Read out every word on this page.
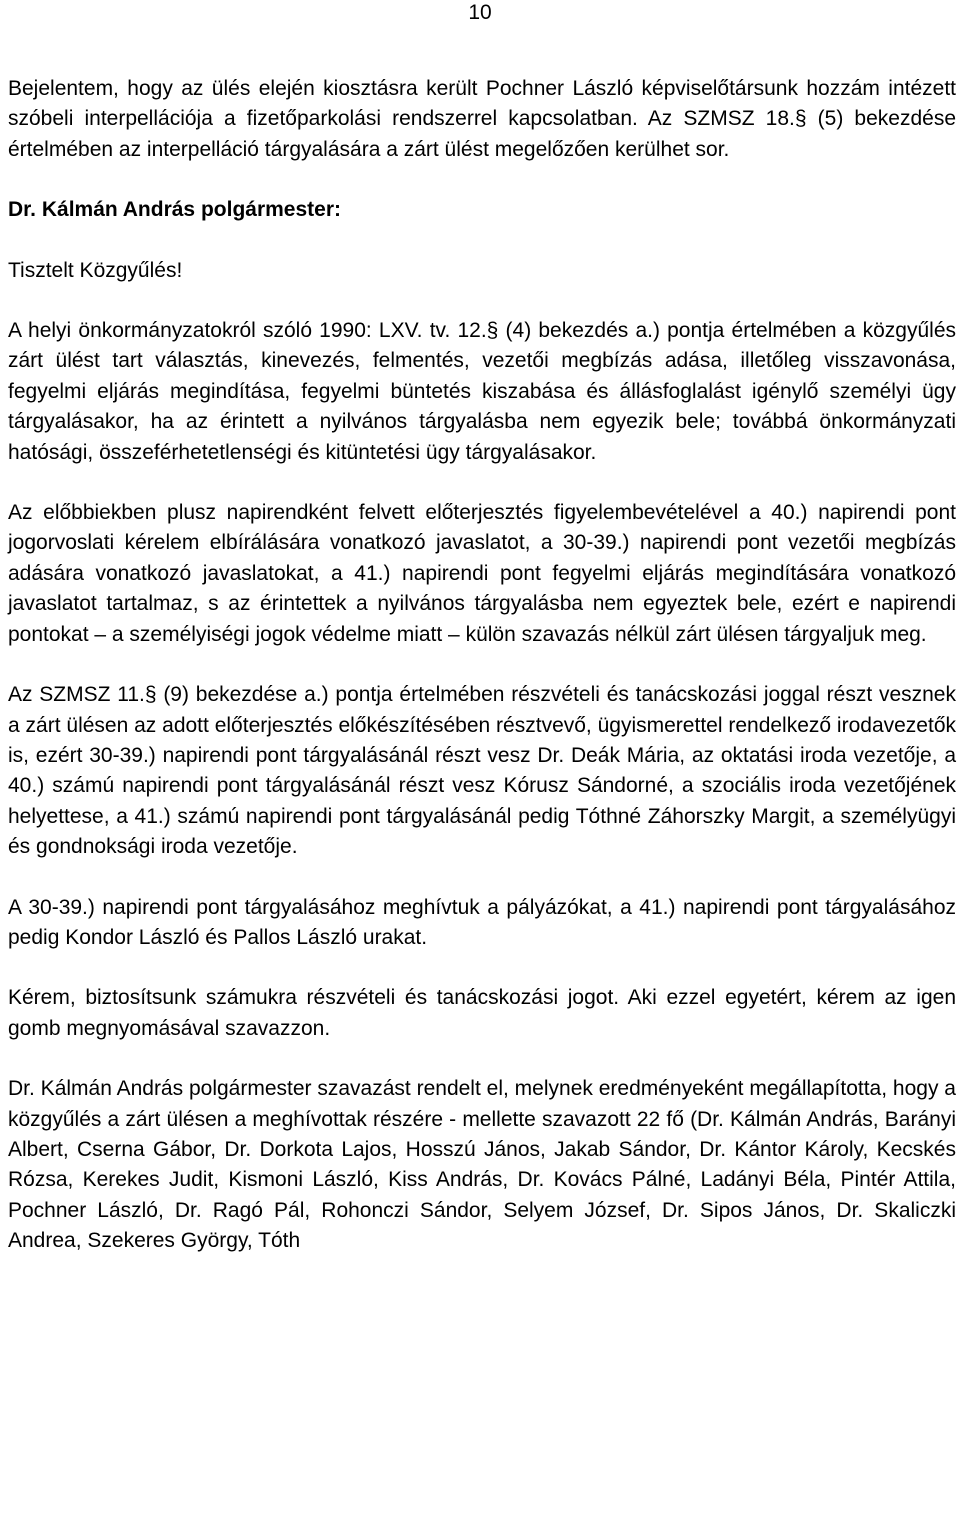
10

Bejelentem, hogy az ülés elején kiosztásra került Pochner László képviselőtársunk hozzám intézett szóbeli interpellációja a fizetőparkolási rendszerrel kapcsolatban. Az SZMSZ 18.§ (5) bekezdése értelmében az interpelláció tárgyalására a zárt ülést megelőzően kerülhet sor.

Dr. Kálmán András polgármester:

Tisztelt Közgyűlés!

A helyi önkormányzatokról szóló 1990: LXV. tv. 12.§ (4) bekezdés a.) pontja értelmében a közgyűlés zárt ülést tart választás, kinevezés, felmentés, vezetői megbízás adása, illetőleg visszavonása, fegyelmi eljárás megindítása, fegyelmi büntetés kiszabása és állásfoglalást igénylő személyi ügy tárgyalásakor, ha az érintett a nyilvános tárgyalásba nem egyezik bele; továbbá önkormányzati hatósági, összeférhetetlenségi és kitüntetési ügy tárgyalásakor.

Az előbbiekben plusz napirendként felvett előterjesztés figyelembevételével a 40.) napirendi pont jogorvoslati kérelem elbírálására vonatkozó javaslatot, a 30-39.) napirendi pont vezetői megbízás adására vonatkozó javaslatokat, a 41.) napirendi pont fegyelmi eljárás megindítására vonatkozó javaslatot tartalmaz, s az érintettek a nyilvános tárgyalásba nem egyeztek bele, ezért e napirendi pontokat – a személyiségi jogok védelme miatt – külön szavazás nélkül zárt ülésen tárgyaljuk meg.

Az SZMSZ 11.§ (9) bekezdése a.) pontja értelmében részvételi és tanácskozási joggal részt vesznek a zárt ülésen az adott előterjesztés előkészítésében résztvevő, ügyismerettel rendelkező irodavezetők is, ezért 30-39.) napirendi pont tárgyalásánál részt vesz Dr. Deák Mária, az oktatási iroda vezetője, a 40.) számú napirendi pont tárgyalásánál részt vesz Kórusz Sándorné, a szociális iroda vezetőjének helyettese, a 41.) számú napirendi pont tárgyalásánál pedig Tóthné Záhorszky Margit, a személyügyi és gondnoksági iroda vezetője.

A 30-39.) napirendi pont tárgyalásához meghívtuk a pályázókat, a 41.) napirendi pont tárgyalásához pedig Kondor László és Pallos László urakat.

Kérem, biztosítsunk számukra részvételi és tanácskozási jogot. Aki ezzel egyetért, kérem az igen gomb megnyomásával szavazzon.

Dr. Kálmán András polgármester szavazást rendelt el, melynek eredményeként megállapította, hogy a közgyűlés a zárt ülésen a meghívottak részére - mellette szavazott 22 fő (Dr. Kálmán András, Barányi Albert, Cserna Gábor, Dr. Dorkota Lajos, Hosszú János, Jakab Sándor, Dr. Kántor Károly, Kecskés Rózsa, Kerekes Judit, Kismoni László, Kiss András, Dr. Kovács Pálné, Ladányi Béla, Pintér Attila, Pochner László, Dr. Ragó Pál, Rohonczi Sándor, Selyem József, Dr. Sipos János, Dr. Skaliczki Andrea, Szekeres György, Tóth
